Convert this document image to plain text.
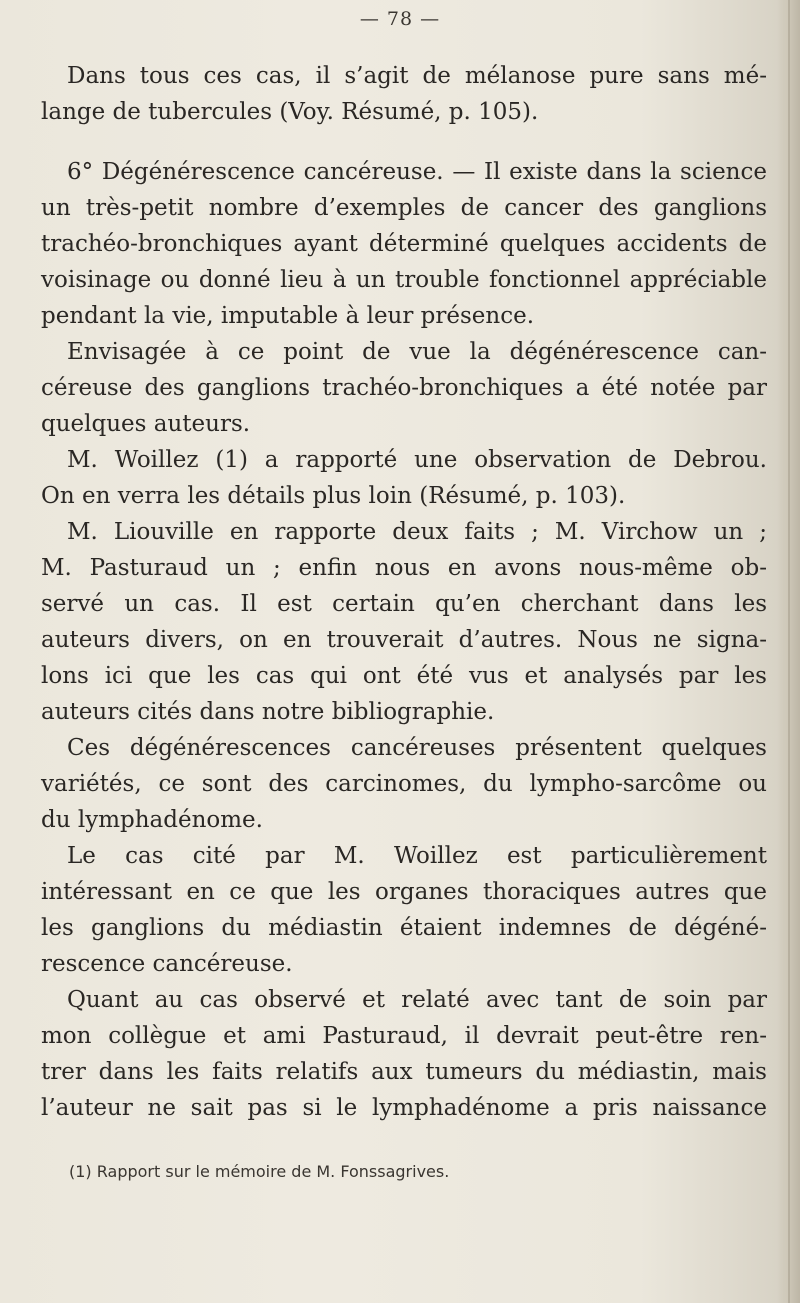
— 78 —
Dans tous ces cas, il s’agit de mélanose pure sans mé-
lange de tubercules (Voy. Résumé, p. 105).
6° Dégénérescence cancéreuse. — Il existe dans la science
un très-petit nombre d’exemples de cancer des ganglions
trachéo-bronchiques ayant déterminé quelques accidents de
voisinage ou donné lieu à un trouble fonctionnel appréciable
pendant la vie, imputable à leur présence.
Envisagée à ce point de vue la dégénérescence can-
céreuse des ganglions trachéo-bronchiques a été notée par
quelques auteurs.
M. Woillez (1) a rapporté une observation de Debrou.
On en verra les détails plus loin (Résumé, p. 103).
M. Liouville en rapporte deux faits ; M. Virchow un ;
M. Pasturaud un ; enfin nous en avons nous-même ob-
servé un cas. Il est certain qu’en cherchant dans les
auteurs divers, on en trouverait d’autres. Nous ne signa-
lons ici que les cas qui ont été vus et analysés par les
auteurs cités dans notre bibliographie.
Ces dégénérescences cancéreuses présentent quelques
variétés, ce sont des carcinomes, du lympho-sarcôme ou
du lymphadénome.
Le cas cité par M. Woillez est particulièrement
intéressant en ce que les organes thoraciques autres que
les ganglions du médiastin étaient indemnes de dégéné-
rescence cancéreuse.
Quant au cas observé et relaté avec tant de soin par
mon collègue et ami Pasturaud, il devrait peut-être ren-
trer dans les faits relatifs aux tumeurs du médiastin, mais
l’auteur ne sait pas si le lymphadénome a pris naissance
(1) Rapport sur le mémoire de M. Fonssagrives.
